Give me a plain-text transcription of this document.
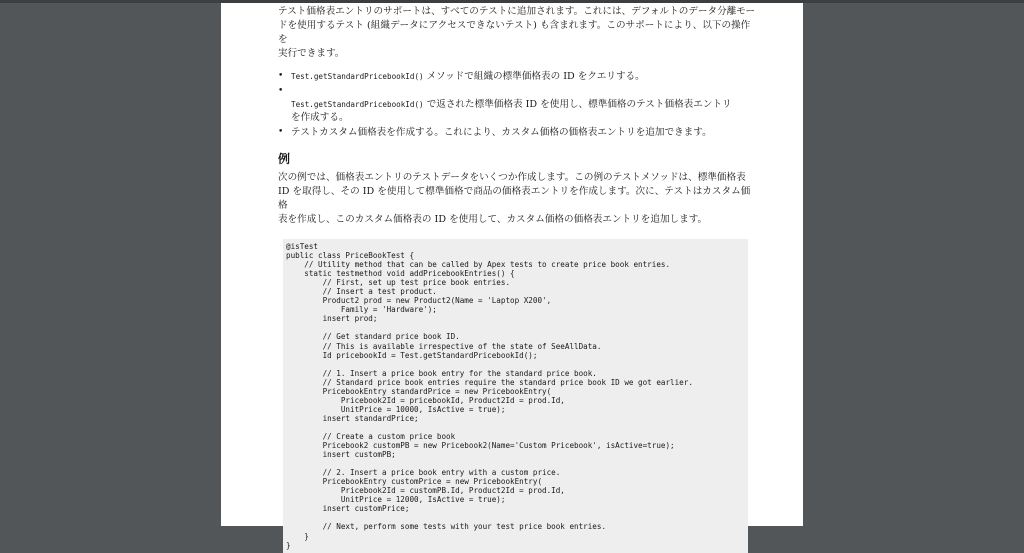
テスト価格表エントリのサポートは、すべてのテストに追加されます。これには、デフォルトのデータ分離モー
ドを使用するテスト (組織データにアクセスできないテスト) も含まれます。このサポートにより、以下の操作を
実行できます。

• Test.getStandardPricebookId() メソッドで組織の標準価格表の ID をクエリする。

•
Test.getStandardPricebookId() で返された標準価格表 ID を使用し、標準価格のテスト価格表エントリ
を作成する。

• テストカスタム価格表を作成する。これにより、カスタム価格の価格表エントリを追加できます。
例

次の例では、価格表エントリのテストデータをいくつか作成します。この例のテストメソッドは、標準価格表
ID を取得し、その ID を使用して標準価格で商品の価格表エントリを作成します。次に、テストはカスタム価格
表を作成し、このカスタム価格表の ID を使用して、カスタム価格の価格表エントリを追加します。

@isTest
public class PriceBookTest {
// Utility method that can be called by Apex tests to create price book entries.
static testmethod void addPricebookEntries() {
// First, set up test price book entries.
// Insert a test product.
Product2 prod = new Product2(Name = 'Laptop X200',
Family = 'Hardware');
insert prod;

// Get standard price book ID.
// This is available irrespective of the state of SeeAllData.
Id pricebookId = Test.getStandardPricebookId();

// 1. Insert a price book entry for the standard price book.
// Standard price book entries require the standard price book ID we got earlier.
PricebookEntry standardPrice = new PricebookEntry(
Pricebook2Id = pricebookId, Product2Id = prod.Id,
UnitPrice = 10000, IsActive = true);
insert standardPrice;

// Create a custom price book
Pricebook2 customPB = new Pricebook2(Name='Custom Pricebook', isActive=true);
insert customPB;

// 2. Insert a price book entry with a custom price.
PricebookEntry customPrice = new PricebookEntry(
Pricebook2Id = customPB.Id, Product2Id = prod.Id,
UnitPrice = 12000, IsActive = true);
insert customPrice;

// Next, perform some tests with your test price book entries.
}
}
